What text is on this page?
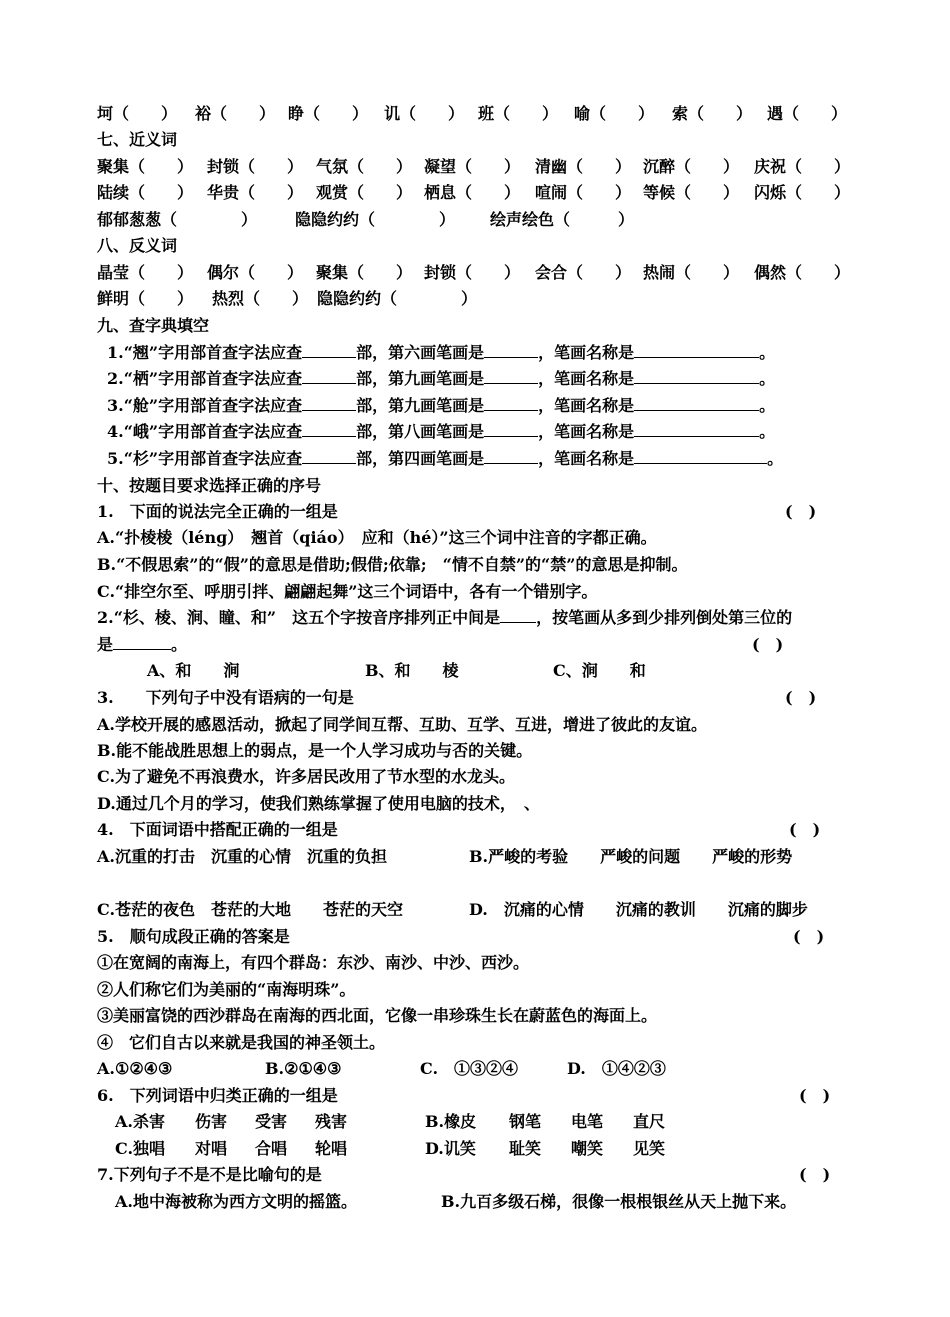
坷（　　） 裕（　　） 睁（　　） 讥（　　） 班（　　） 喻（　　） 索（　　） 遇（　　）
七、近义词
聚集（　　） 封锁（　　） 气氛（　　） 凝望（　　） 清幽（　　） 沉醉（　　） 庆祝（　　）
陆续（　　） 华贵（　　） 观赏（　　） 栖息（　　） 喧闹（　　） 等候（　　） 闪烁（　　）
郁郁葱葱（　　　　） 隐隐约约（　　　　） 绘声绘色（　　　）
八、反义词
晶莹（　　） 偶尔（　　） 聚集（　　） 封锁（　　） 会合（　　） 热闹（　　） 偶然（　　）
鲜明（　　） 热烈（　　） 隐隐约约（　　　　）
九、查字典填空
1.“翘”字用部首查字法应查	部，第六画笔画是	，笔画名称是	。
2.“栖”字用部首查字法应查	部，第九画笔画是	，笔画名称是	。
3.“舱”字用部首查字法应查	部，第九画笔画是	，笔画名称是	。
4.“峨”字用部首查字法应查	部，第八画笔画是	，笔画名称是	。
5.“杉”字用部首查字法应查	部，第四画笔画是	，笔画名称是	。
十、按题目要求选择正确的序号
1.　下面的说法完全正确的一组是	(　)
A.“扑棱棱（lénɡ）　翘首（qiáo）　应和（hé）”这三个词中注音的字都正确。
B.“不假思索”的“假”的意思是借助;假借;依靠;　“情不自禁”的“禁”的意思是抑制。
C.“排空尔至、呼朋引拌、翩翩起舞”这三个词语中，各有一个错别字。
2.“杉、棱、涧、瞳、和”　这五个字按音序排列正中间是 ，按笔画从多到少排列倒处第三位的
是	。	(　)
A、和　　涧	B、和　　棱	C、涧　　和
3.　　下列句子中没有语病的一句是	(　)
A.学校开展的感恩活动，掀起了同学间互帮、互助、互学、互进，增进了彼此的友谊。
B.能不能战胜思想上的弱点，是一个人学习成功与否的关键。
C.为了避免不再浪费水，许多居民改用了节水型的水龙头。
D.通过几个月的学习，使我们熟练掌握了使用电脑的技术，　、
4.　下面词语中搭配正确的一组是	(　)
A.沉重的打击　沉重的心情　沉重的负担	B.严峻的考验　　严峻的问题　　严峻的形势
C.苍茫的夜色　苍茫的大地　　苍茫的天空	D.　沉痛的心情　　沉痛的教训　　沉痛的脚步
5.　顺句成段正确的答案是	(　)
①在宽阔的南海上，有四个群岛：东沙、南沙、中沙、西沙。
②人们称它们为美丽的“南海明珠”。
③美丽富饶的西沙群岛在南海的西北面，它像一串珍珠生长在蔚蓝色的海面上。
④　它们自古以来就是我国的神圣领土。
A.①②④③	B.②①④③	C.　①③②④	D.　①④②③
6.　下列词语中归类正确的一组是	(　)
A.杀害 伤害 受害 残害	B.橡皮 钢笔 电笔 直尺
C.独唱 对唱 合唱 轮唱	D.讥笑 耻笑 嘲笑 见笑
7.下列句子不是不是比喻句的是	(　)
A.地中海被称为西方文明的摇篮。	B.九百多级石梯，很像一根根银丝从天上抛下来。
